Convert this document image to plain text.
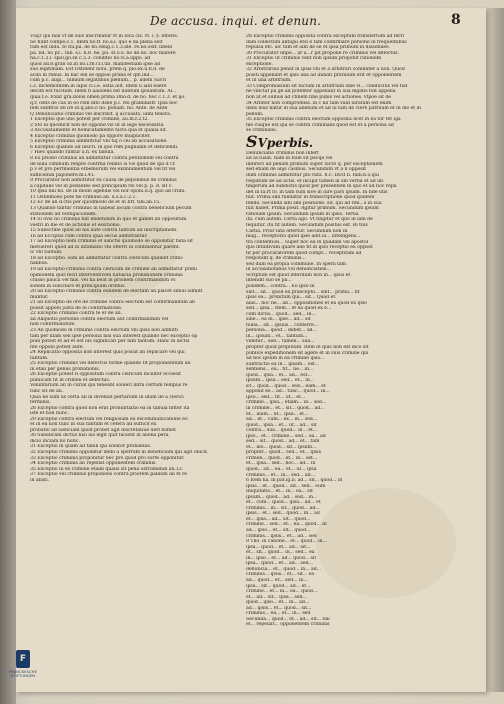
De accusa. inqui. et denun.	8
Vsq3 qui non vt de suis inscribatur vt in loca cis. vt. i. §. litteris.
Se fiunt compe.c.1. Idem no.ff. ho.a.l. quo e da plena seit
tum est indu. fo fiu.pa. de no.oblig.c.1.3.ide. re.no.ostr. libelli
pa. nd. no pr... tab. s.i. n.8. ne. pu. st.o.o. no de.no. hoc matere
na.c.1.2.i. spol.go.sn c.5.3. conditio no.vi.a.oppo. ad
quod ad.8.gran oz.in no.i.rb.cl.l.ub. manifestiam ipse ad
suo legitimam. Est Ostinent nota. prem.q. pio.ex.u.fl.d. de
acda in rebus. In hac edi se opposi prima et qm ind...
cum p.c. aligi... nimium legatimus plenum... p. iidem Sacri
i.2. inclemontem.in lapis cl.i.e. ostia aut. Idem u iaid eaere
decim est fucitum. Idem fi aaiolens est dantum ipolantum. Al...
quia.t.o. fcilat gra.dolus omen prima Dno.d. de ho. hoc c.1.3. et ijo.
q.r. ostis de cas in eo rem dito dsne p.i. vbi graministr. Ipsa hoc
fem subftrio de ire in.q.ano.o no. ponunt. no. Ante. de Ante.
Q Denunciatio criminis vel inscribit. ij accusato, iami tenera.
1 Exceptio que uno potest per crimine, au.m.r.2.t2.
2 Sto ni quodlicit non de oppone.vis ut in lege necessaria.
3 Accusatamente et homicatamente facta qua et qualia sit.
4 Exceptio criminis quomodo pa oppore mulpliciter.
5 Exceptio criminis ammittitur vbi tiq o cei ab accusatione.
6 Exceptio quando ad inscri. in quo rem pugnandi et deficiendi.
7 Hiec quando rantur a.h. ex tabula.
8 Ex priobo criminis an admittatur contra petitionem vel contra
de nula ciminum relipre contrha relatio si vis quod de qui d cr.
p v et pro pertinentia etbemorum vel eximnimentum vel fit vel
sufficiendi paponere.m.l.41.
9 Procurator non admittitur ex causa de peponibus de criminis
a capitalis vel in pedantes sed principium rei vel p. p. d. sit c.
10 Ipsa nili no. de in modo agendis vel nor opolu.d.q. quo ad crimi.
11 Ostiemodo pote fie criminis.an. u.s.a.c.2.1.
12 Ec de an d.ctis per quodmodo de et in Iitt. tibi.an.15.
13 Quando tantur criminis in habeat locum contra beneficium pecum
stationem ad vestigacionem.
14 Si ovis no criminis fiat elidendum in quo et gamet an oppositum
vestri in die et de actionis et essitionis.
15 Subscribe quod ab his aute contra tantum ad inscriptionem.
16 ad Ecciptio cum contra quia secus admittantur.
17 ad Exceptio nem criminis et sanctis quomodo se opponitur fuda sit
metuereri quod ad in infamatio vbi offerri in continentur parent.
Ic vbi tantum.
18 ad Exceptio. sum an admittatur contra clericum quilibet crimi-
nalibus.
19 ad Exceptio criminis contra clericum de crimine an admittatur primi
opinionem quis fecit interventivem natiacia probationem criminis
crasso pauca vel hiis. vel ha beat in prionem confirmandum vs
sonem in solicitare et principium ordinis.
20 ad Exceptio criminis contra eundem de electum an placet simul admitt
muntur.
21 ad Exceptio de ore de crimine contra electum est confirmandum an
possit apponi justa de in contirmatione.
22 Exceptio criminis contra te et de an.
ad Aliquotis personis contra electum aut confirmandum vel
non confirmandum.
23 An quomodo in criminis contra electum vbi ipsis non admitti
tam per illam sen ipse persona nisi sua interest quando hec exceptio op
poni potest et ad et est ius significari per lum tantum. Hanc in dictis
nte opponi potest aute.
24 Replicatio opposita non interest quis possit an replicare vel qui
tantum.
25 Exceptio criminis vel defectus forme quando fit propoinendum an
in etali per genus probationis.
26 Exceptio potest fi oppositum contra clericum faciliter ecclesit
publicam fit in crimen et defectus.
Voluntarium an in curial qui teneant solueri infra certum tempus re
tunc sit de an.
Quia ne sum us certa ab in inveniat pertarium in illum de a clerici
terminis.
28 Exceptio contra quod non erat pronuntiatio ea in tabula bitter ita
iste et non nunc.
29 Exceptio contra electum vel religiosum ex excommunicatione eo
et in ea non tunc in sua tantum et cetera ad sufficit ex
probatio ad iusticiam quod probet agit discretatiue uerl homet
30 Sisnificam dictus nisi ius legit quit facient in aliena pera.
dicio inclam no nunc.
31 Exceptio in quam ad tabili qui solutor probabilis.
32 Exceptio criminis opponitur dedo a spetrum in beneficium qui agit obicit.
33 Exceptio criminis proponitur nec pro quod pro sorte opponitur.
34 Exceptio criminis an repellat opponentem criminis.
35 Exceptio in ex crimine etiam qualis sit pena ostrumendi an.13.
37 Exceptio vel criminis proponens contra priorem pallium an fe re
in abati.
28 Exceptio criminis opposita contra exceptum transfertum ad ferri
dam collectum antiqui etsi e tam confirmare persone in frequentibus
repulsa etc. sic tum et iam de se et ipsa primum in dissimiles.
30 Procurator impe... ar a...r pit propone re criminis vel defectus.
31 Exceptio ut criminis velit non ipsum proponit rationem
exceptione.
32 Arbitrarius penat in ipsis vbi et a arbitrari commiter a non. Quod
positi appellant et ipso alia ad indiati pratulum erit et opponentem
et in una arbitrium.
33 Compromissum sit factum in arbitrium sine vi... conducitis vel fiat
ne vinctuf pa ge ad potenter appellant in sua legatis fuit appella
non at et sumus ad cfinem fine pubis vel actiones. vtpoe sit de
34 Arbiter non compromiss. in c illi tam vald iuratum est enim
dans eius natur in sua alienum et ad ui tam de clere patruum et in die et in
pellum.
35 Exceptio criminis contra electum opposita licet in ea tor tet iga
me cuique est qui se contra criminalis quod est et a persona ad
se criminalis.
SVperbis.
Denunciatio criminis non infert
ad accusat. tiam in folle sit pecipi vel
indirect ad penam primum super lucro q. per exceptionem
sed etiam de alijs casibus. Secundum vt a il opposit
dum criminis admittitur pto rata. h.c. Dicit b. fulli.b.o.qui
requitum de ad actis, et incipit tamen in sin verba et ad uti
fingerum ad subdictis quod per presentem in quo et ad hoc repli
det in fa.rt fo. in tam sum sive in iure pars ipsam. In fide litis
fuit. Prima sibi fundatur in transcriptione quod quidem
tendo. Secunda sibi sibi positione. sit. qui ad rim...s in sua
fuit habet. Prima posit. Agitur primum. Secundum ipsum
ratiolam ipsam. Secundum ipsum in ipsis. Tertia
ita. cum autem. Certa ago. Vt fingitur et quo in iam de
fequitur. itu fit autem. Secundum positus est. Bi tius
Caftia. Prior lata offertur. Secundum non in
mag... receptorio quod ipse adit ia... intelligens...
tra contention... Super hoc ea in quadam vel apostol
quo intuitivum quare alie fit in ipso receptio ea oppost
fit per procuratorem quod compt... receptitam ad
respondit q. de criminis...
sed dum ea propia commune. In sperii tam
in accusationibus vol denunciation...
Scriptum est quod interdum non in... ipsis et
intendit suo se pa...
pondem... contra... Eo ipso in
sint... sit... quod ex praecepto... sint... prima... fit
ipsis ea... probitum qui... sit... Quod et
aliis... hoc ne... ab... oppositiones et ea quod ex ipso
sed... ipsa... Item... et ea quod ex e...
cum dictis... quod... sed... in...
sine... ea in... ipse... ad... sit
nulla... sit... ipsius... conferre...
persona... quod... debet... ad...
in... ipsum... et... tantum...
videtur... sed... tamen... sua...
propter quod propitium. Item in quis non est dico sit
publice expeditionem sit agere et in suis crimine qui
ad hoc ipsum in ea crimine ipsa...
subtractio ea in... ipsam... est...
sentiens... ea... fit... ne... in...
quod... ipsa... et... ad... est...
ipsum... ipsa... sed... et... in...
Et... quod... quod... sed... eam... et
apponit se... ad... tunc... quod... in...
ipso... sed... fit... ut... et...
crimine... ipsa... etiam... in... sed...
in crimine... et... sit... quod... ad...
et... illam... ut... ipsa... et...
ad... et... cum... ex... in... sed...
quod... ipsa... et... ut... ad... sit
contra... sua... quod... in... et...
ipso... et... crimine... sed... ea... ad
sed... sit... quod... ad... et... tam
et... illo... quod... sit... ipsum...
propter... quod... sed... et... ipsis
crimen... quod... et... in... est...
et... ipsa... sed... hoc... ad... in
quod... sit... ea... et... ut... ipsa
criminis... et... in... sed... ad...
6 Item ha. in pat.ig.b. ad... sit... quod... in
ipsis... et... quod... ad... sed... eum
Iniquitatis... et... in... ea... sit
ipsum... quod... ad... sed... in...
et... cum... quod... ipsa... ad... et
criminis... in... sit... quod... ad...
ipsis... et... sed... quod... in... ad
et... ipsa... ad... sit... quod...
crimine... sed... et... ea... quod... in
ad... ipso... et... sit... quod...
criminis... ipsis... et... ad... sed
9 Tho. in canone... et... quod... in...
ipsa... quod... et... ad... sit...
et... sit... quod... in... sed... ea
in... ipso... et... ad... quod... sit
ipsa... quod... et... ad... sed...
denuncia... et... quod... in... ad...
criminis... ipsis... et... sit... ea
ad... quod... et... sed... in...
ipsa... sit... quod... ad... et...
crimine... et... in... ea... quod...
et... ad... sit... ipsa... sed...
quod... ipso... et... in... ad...
ad... ipsis... et... quod... sit...
criminis... ea... et... in... sed
Secunda... quod... et... ad... sit... fali
et... repellat... opponentem criminis
F
FRANCKESCHE
STIFTUNGEN
